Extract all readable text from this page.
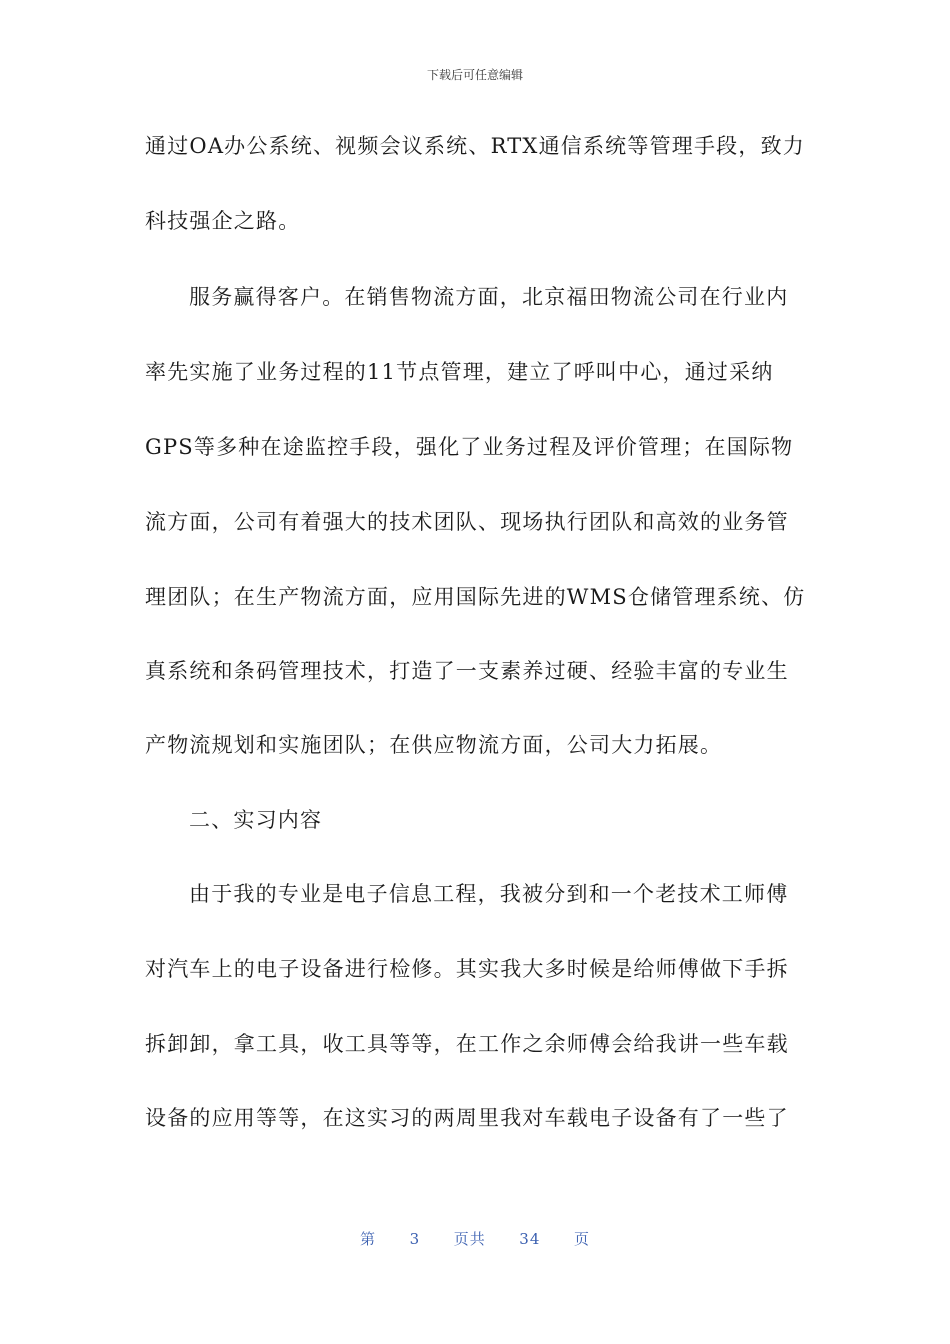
下载后可任意编辑
通过OA办公系统、视频会议系统、RTX通信系统等管理手段，致力
科技强企之路。
服务赢得客户。在销售物流方面，北京福田物流公司在行业内
率先实施了业务过程的11节点管理，建立了呼叫中心，通过采纳
GPS等多种在途监控手段，强化了业务过程及评价管理；在国际物
流方面，公司有着强大的技术团队、现场执行团队和高效的业务管
理团队；在生产物流方面，应用国际先进的WMS仓储管理系统、仿
真系统和条码管理技术，打造了一支素养过硬、经验丰富的专业生
产物流规划和实施团队；在供应物流方面，公司大力拓展。
二、实习内容
由于我的专业是电子信息工程，我被分到和一个老技术工师傅
对汽车上的电子设备进行检修。其实我大多时候是给师傅做下手拆
拆卸卸，拿工具，收工具等等，在工作之余师傅会给我讲一些车载
设备的应用等等，在这实习的两周里我对车载电子设备有了一些了
第 3 页共 34 页
